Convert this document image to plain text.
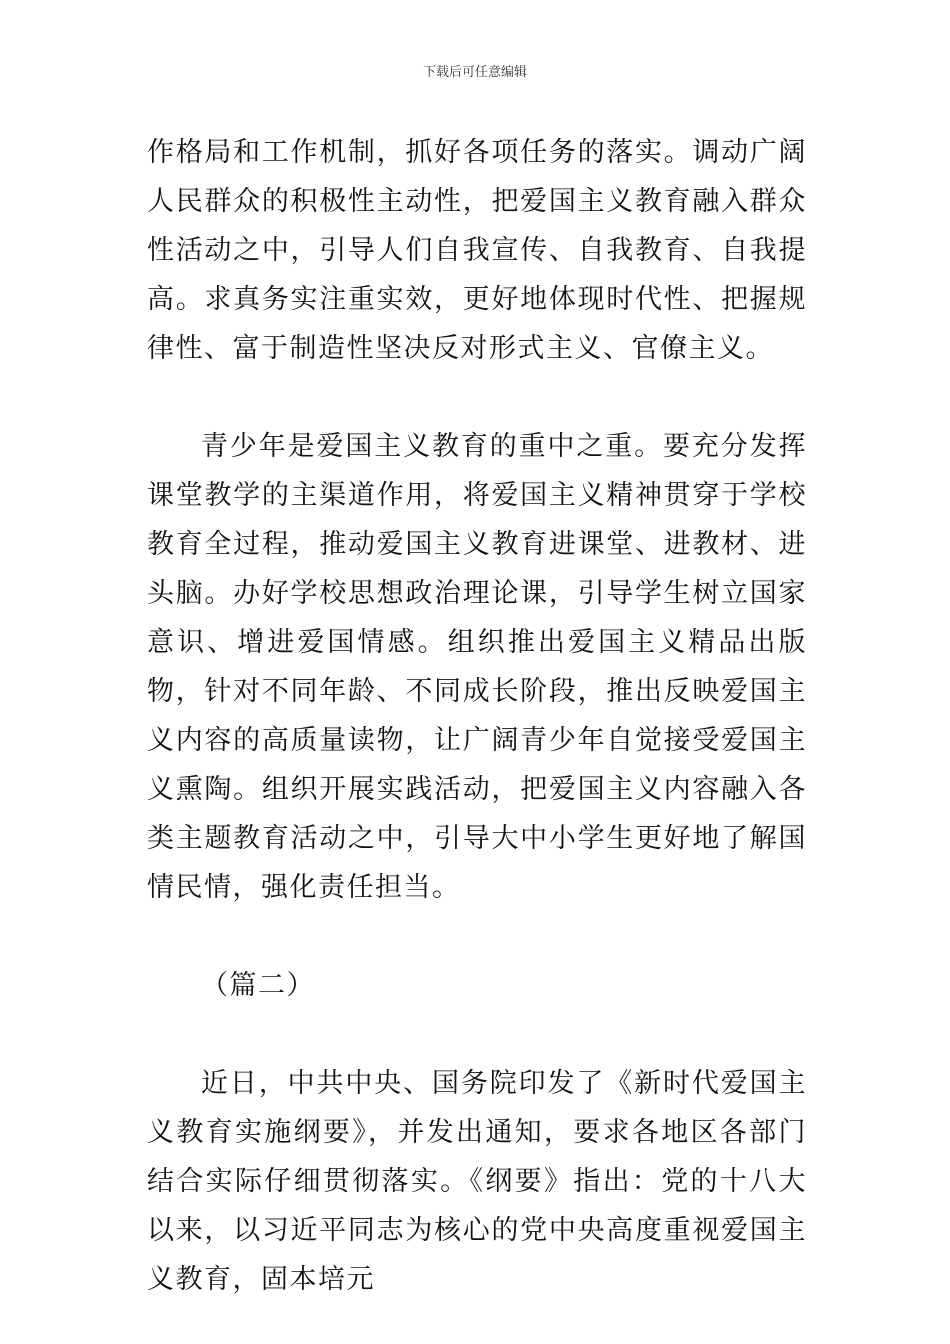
下载后可任意编辑

作格局和工作机制，抓好各项任务的落实。调动广阔人民群众的积极性主动性，把爱国主义教育融入群众性活动之中，引导人们自我宣传、自我教育、自我提高。求真务实注重实效，更好地体现时代性、把握规律性、富于制造性坚决反对形式主义、官僚主义。

青少年是爱国主义教育的重中之重。要充分发挥课堂教学的主渠道作用，将爱国主义精神贯穿于学校教育全过程，推动爱国主义教育进课堂、进教材、进头脑。办好学校思想政治理论课，引导学生树立国家意识、增进爱国情感。组织推出爱国主义精品出版物，针对不同年龄、不同成长阶段，推出反映爱国主义内容的高质量读物，让广阔青少年自觉接受爱国主义熏陶。组织开展实践活动，把爱国主义内容融入各类主题教育活动之中，引导大中小学生更好地了解国情民情，强化责任担当。

（篇二）

近日，中共中央、国务院印发了《新时代爱国主义教育实施纲要》，并发出通知，要求各地区各部门结合实际仔细贯彻落实。《纲要》指出：党的十八大以来，以习近平同志为核心的党中央高度重视爱国主义教育，固本培元
